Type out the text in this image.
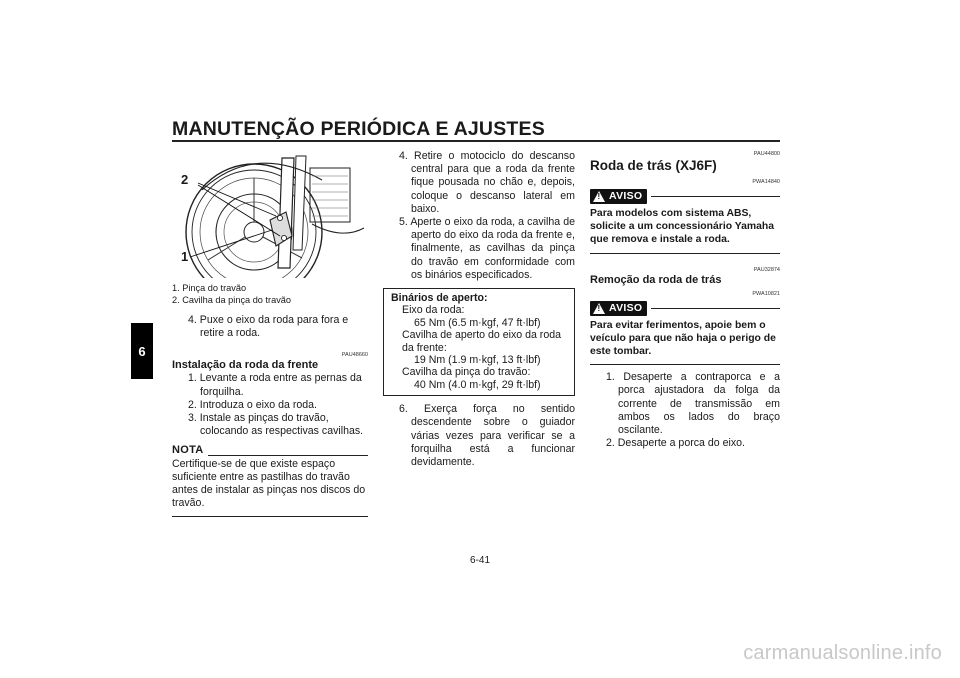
MANUTENÇÃO PERIÓDICA E AJUSTES
6
2
1
1. Pinça do travão
2. Cavilha da pinça do travão

4. Puxe o eixo da roda para fora e retire a roda.

PAU48660
Instalação da roda da frente

1. Levante a roda entre as pernas da forquilha.

2. Introduza o eixo da roda.

3. Instale as pinças do travão, colocando as respectivas cavilhas.

NOTA
Certifique-se de que existe espaço suficiente entre as pastilhas do travão antes de instalar as pinças nos discos do travão.

4. Retire o motociclo do descanso central para que a roda da frente fique pousada no chão e, depois, coloque o descanso lateral em baixo.

5. Aperte o eixo da roda, a cavilha de aperto do eixo da roda da frente e, finalmente, as cavilhas da pinça do travão em conformidade com os binários especificados.

Binários de aperto:
Eixo da roda:
65 Nm (6.5 m·kgf, 47 ft·lbf)
Cavilha de aperto do eixo da roda da frente:
19 Nm (1.9 m·kgf, 13 ft·lbf)
Cavilha da pinça do travão:
40 Nm (4.0 m·kgf, 29 ft·lbf)

6. Exerça força no sentido descendente sobre o guiador várias vezes para verificar se a forquilha está a funcionar devidamente.

PAU44800
Roda de trás (XJ6F)
PWA14840
! AVISO
Para modelos com sistema ABS, solicite a um concessionário Yamaha que remova e instale a roda.
PAU32874
Remoção da roda de trás
PWA10821
! AVISO
Para evitar ferimentos, apoie bem o veículo para que não haja o perigo de este tombar.

1. Desaperte a contraporca e a porca ajustadora da folga da corrente de transmissão em ambos os lados do braço oscilante.

2. Desaperte a porca do eixo.

6-41
carmanualsonline.info
